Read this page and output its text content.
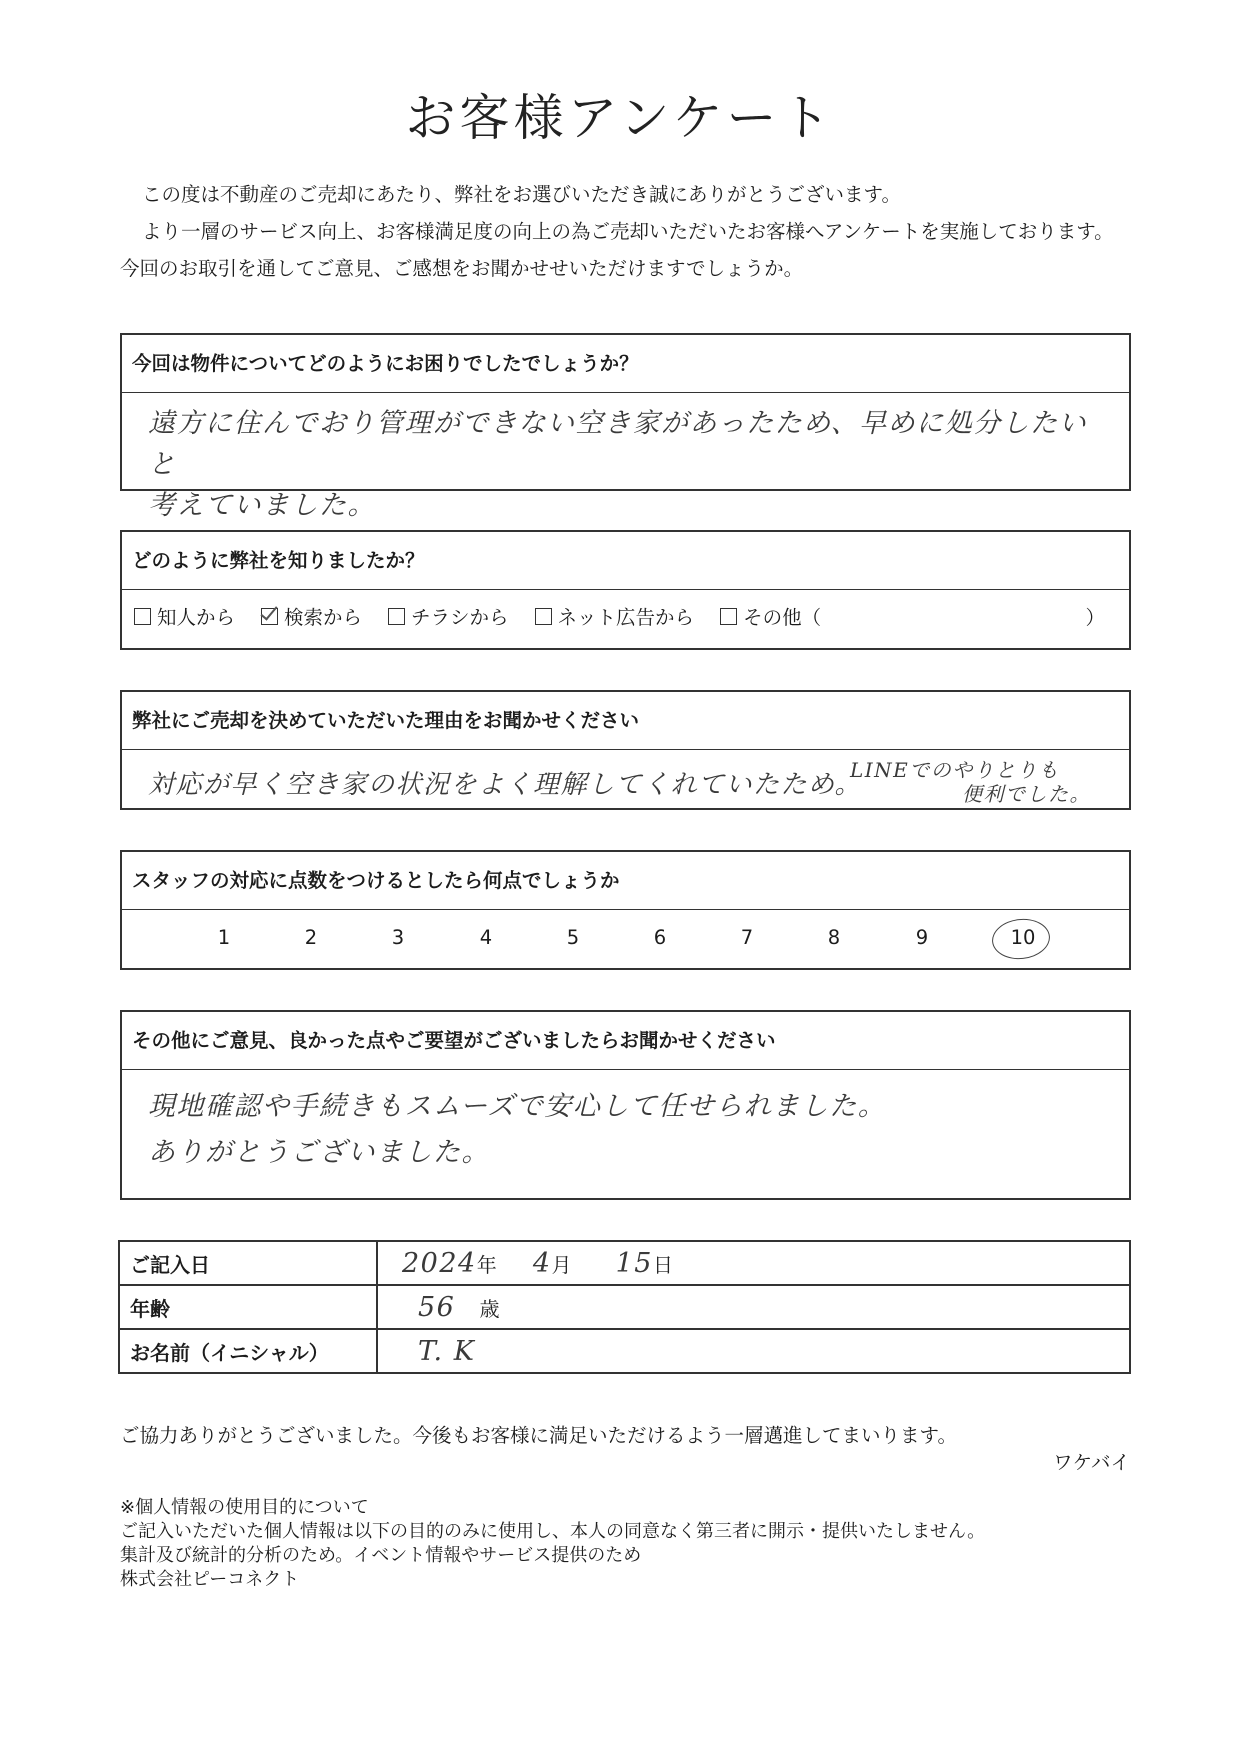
お客様アンケート

この度は不動産のご売却にあたり、弊社をお選びいただき誠にありがとうございます。

より一層のサービス向上、お客様満足度の向上の為ご売却いただいたお客様へアンケートを実施しております。今回のお取引を通してご意見、ご感想をお聞かせせいただけますでしょうか。

今回は物件についてどのようにお困りでしたでしょうか？
遠方に住んでおり管理ができない空き家があったため、早めに処分したいと
考えていました。
どのように弊社を知りましたか？
知人から	検索から	チラシから	ネット広告から	その他（	）
弊社にご売却を決めていただいた理由をお聞かせください
対応が早く空き家の状況をよく理解してくれていたため。
LINEでのやりとりも
便利でした。
スタッフの対応に点数をつけるとしたら何点でしょうか
1	2	3	4	5	6	7	8	9	10
その他にご意見、良かった点やご要望がございましたらお聞かせください
現地確認や手続きもスムーズで安心して任せられました。
ありがとうございました。
ご記入日	2024年 4月 15日
年齢	56 歳
お名前（イニシャル）	T. K
ご協力ありがとうございました。今後もお客様に満足いただけるよう一層邁進してまいります。
ワケバイ
※個人情報の使用目的について
ご記入いただいた個人情報は以下の目的のみに使用し、本人の同意なく第三者に開示・提供いたしません。
集計及び統計的分析のため。イベント情報やサービス提供のため
株式会社ピーコネクト
